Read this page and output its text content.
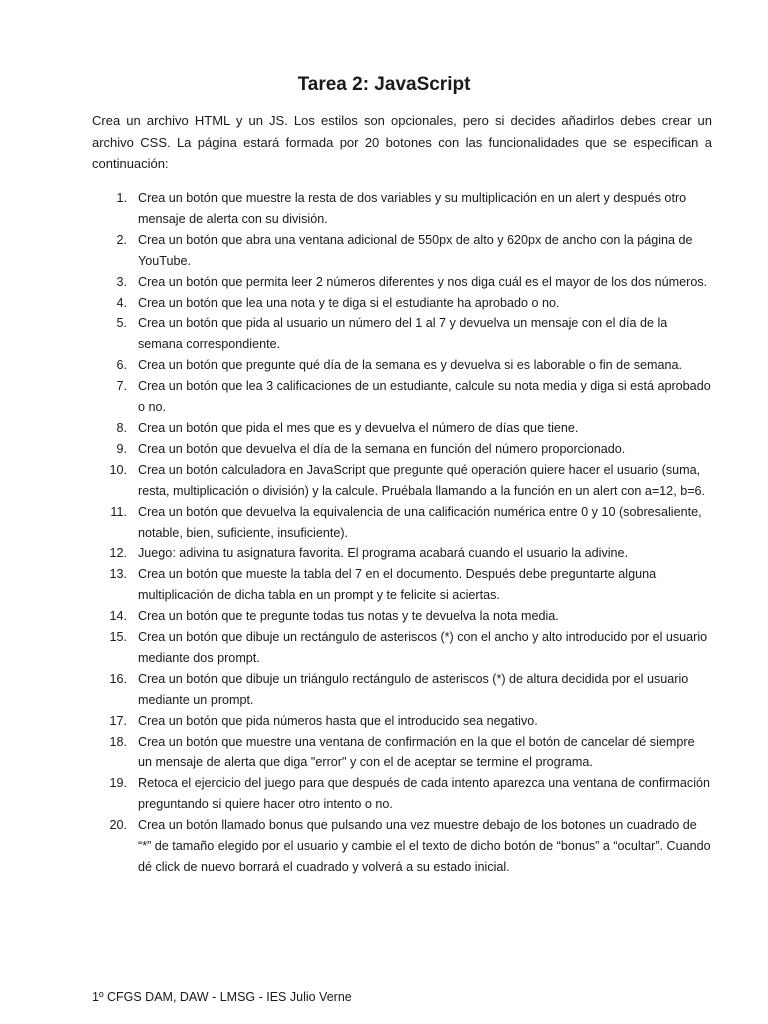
Tarea 2: JavaScript

Crea un archivo HTML y un JS. Los estilos son opcionales, pero si decides añadirlos debes crear un archivo CSS. La página estará formada por 20 botones con las funcionalidades que se especifican a continuación:

1. Crea un botón que muestre la resta de dos variables y su multiplicación en un alert y después otro mensaje de alerta con su división.
2. Crea un botón que abra una ventana adicional de 550px de alto y 620px de ancho con la página de YouTube.
3. Crea un botón que permita leer 2 números diferentes y nos diga cuál es el mayor de los dos números.
4. Crea un botón que lea una nota y te diga si el estudiante ha aprobado o no.
5. Crea un botón que pida al usuario un número del 1 al 7 y devuelva un mensaje con el día de la semana correspondiente.
6. Crea un botón que pregunte qué día de la semana es y devuelva si es laborable o fin de semana.
7. Crea un botón que lea 3 calificaciones de un estudiante, calcule su nota media y diga si está aprobado o no.
8. Crea un botón que pida el mes que es y devuelva el número de días que tiene.
9. Crea un botón que devuelva el día de la semana en función del número proporcionado.
10. Crea un botón calculadora en JavaScript que pregunte qué operación quiere hacer el usuario (suma, resta, multiplicación o división) y la calcule. Pruébala llamando a la función en un alert con a=12, b=6.
11. Crea un botón que devuelva la equivalencia de una calificación numérica entre 0 y 10 (sobresaliente, notable, bien, suficiente, insuficiente).
12. Juego: adivina tu asignatura favorita. El programa acabará cuando el usuario la adivine.
13. Crea un botón que mueste la tabla del 7 en el documento. Después debe preguntarte alguna multiplicación de dicha tabla en un prompt y te felicite si aciertas.
14. Crea un botón que te pregunte todas tus notas y te devuelva la nota media.
15. Crea un botón que dibuje un rectángulo de asteriscos (*) con el ancho y alto introducido por el usuario mediante dos prompt.
16. Crea un botón que dibuje un triángulo rectángulo de asteriscos (*) de altura decidida por el usuario mediante un prompt.
17. Crea un botón que pida números hasta que el introducido sea negativo.
18. Crea un botón que muestre una ventana de confirmación en la que el botón de cancelar dé siempre un mensaje de alerta que diga "error" y con el de aceptar se termine el programa.
19. Retoca el ejercicio del juego para que después de cada intento aparezca una ventana de confirmación preguntando si quiere hacer otro intento o no.
20. Crea un botón llamado bonus que pulsando una vez muestre debajo de los botones un cuadrado de “*” de tamaño elegido por el usuario y cambie el el texto de dicho botón de “bonus” a “ocultar”. Cuando dé click de nuevo borrará el cuadrado y volverá a su estado inicial.
1º CFGS DAM, DAW - LMSG - IES Julio Verne
